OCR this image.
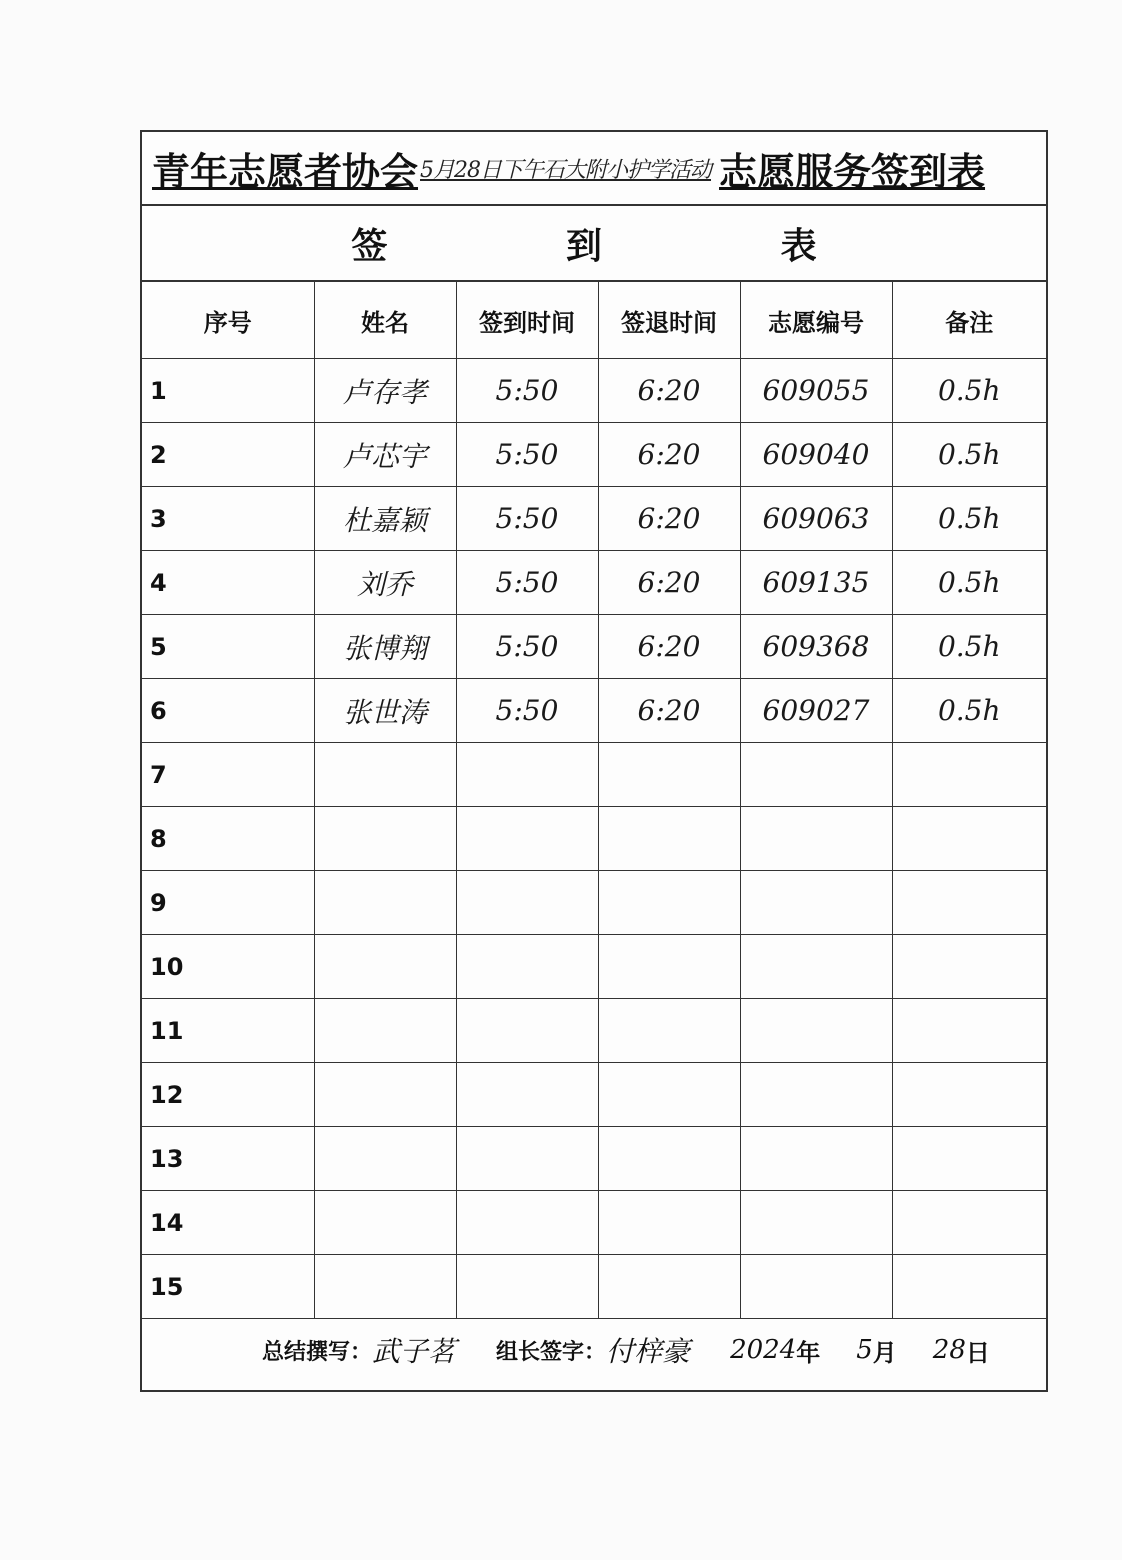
青年志愿者协会 5月28日下午石大附小护学活动 志愿服务签到表
签	到	表
序号	姓名	签到时间	签退时间	志愿编号	备注
1	卢存孝	5:50	6:20	609055	0.5h
2	卢芯宇	5:50	6:20	609040	0.5h
3	杜嘉颖	5:50	6:20	609063	0.5h
4	刘乔	5:50	6:20	609135	0.5h
5	张博翔	5:50	6:20	609368	0.5h
6	张世涛	5:50	6:20	609027	0.5h
7					
8					
9					
10					
11					
12					
13					
14					
15					
总结撰写： 武子茗 组长签字： 付梓豪 2024 年 5 月 28 日
